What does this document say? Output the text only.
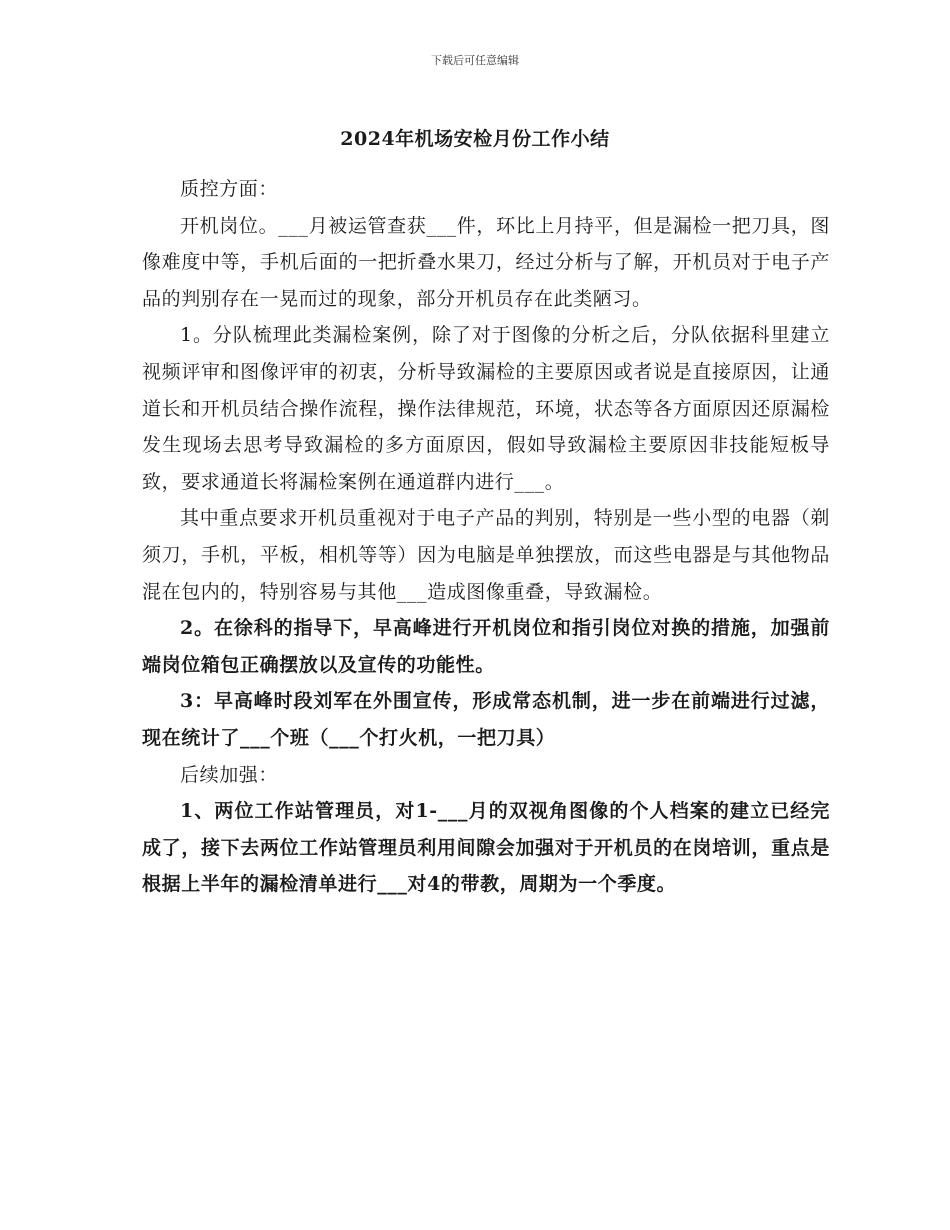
下载后可任意编辑
2024年机场安检月份工作小结

质控方面：

开机岗位。___月被运管查获___件，环比上月持平，但是漏检一把刀具，图像难度中等，手机后面的一把折叠水果刀，经过分析与了解，开机员对于电子产品的判别存在一晃而过的现象，部分开机员存在此类陋习。

1。分队梳理此类漏检案例，除了对于图像的分析之后，分队依据科里建立视频评审和图像评审的初衷，分析导致漏检的主要原因或者说是直接原因，让通道长和开机员结合操作流程，操作法律规范，环境，状态等各方面原因还原漏检发生现场去思考导致漏检的多方面原因，假如导致漏检主要原因非技能短板导致，要求通道长将漏检案例在通道群内进行___。

其中重点要求开机员重视对于电子产品的判别，特别是一些小型的电器（剃须刀，手机，平板，相机等等）因为电脑是单独摆放，而这些电器是与其他物品混在包内的，特别容易与其他___造成图像重叠，导致漏检。

2。在徐科的指导下，早高峰进行开机岗位和指引岗位对换的措施，加强前端岗位箱包正确摆放以及宣传的功能性。

3：早高峰时段刘军在外围宣传，形成常态机制，进一步在前端进行过滤，现在统计了___个班（___个打火机，一把刀具）

后续加强：

1、两位工作站管理员，对1-___月的双视角图像的个人档案的建立已经完成了，接下去两位工作站管理员利用间隙会加强对于开机员的在岗培训，重点是根据上半年的漏检清单进行___对4的带教，周期为一个季度。
